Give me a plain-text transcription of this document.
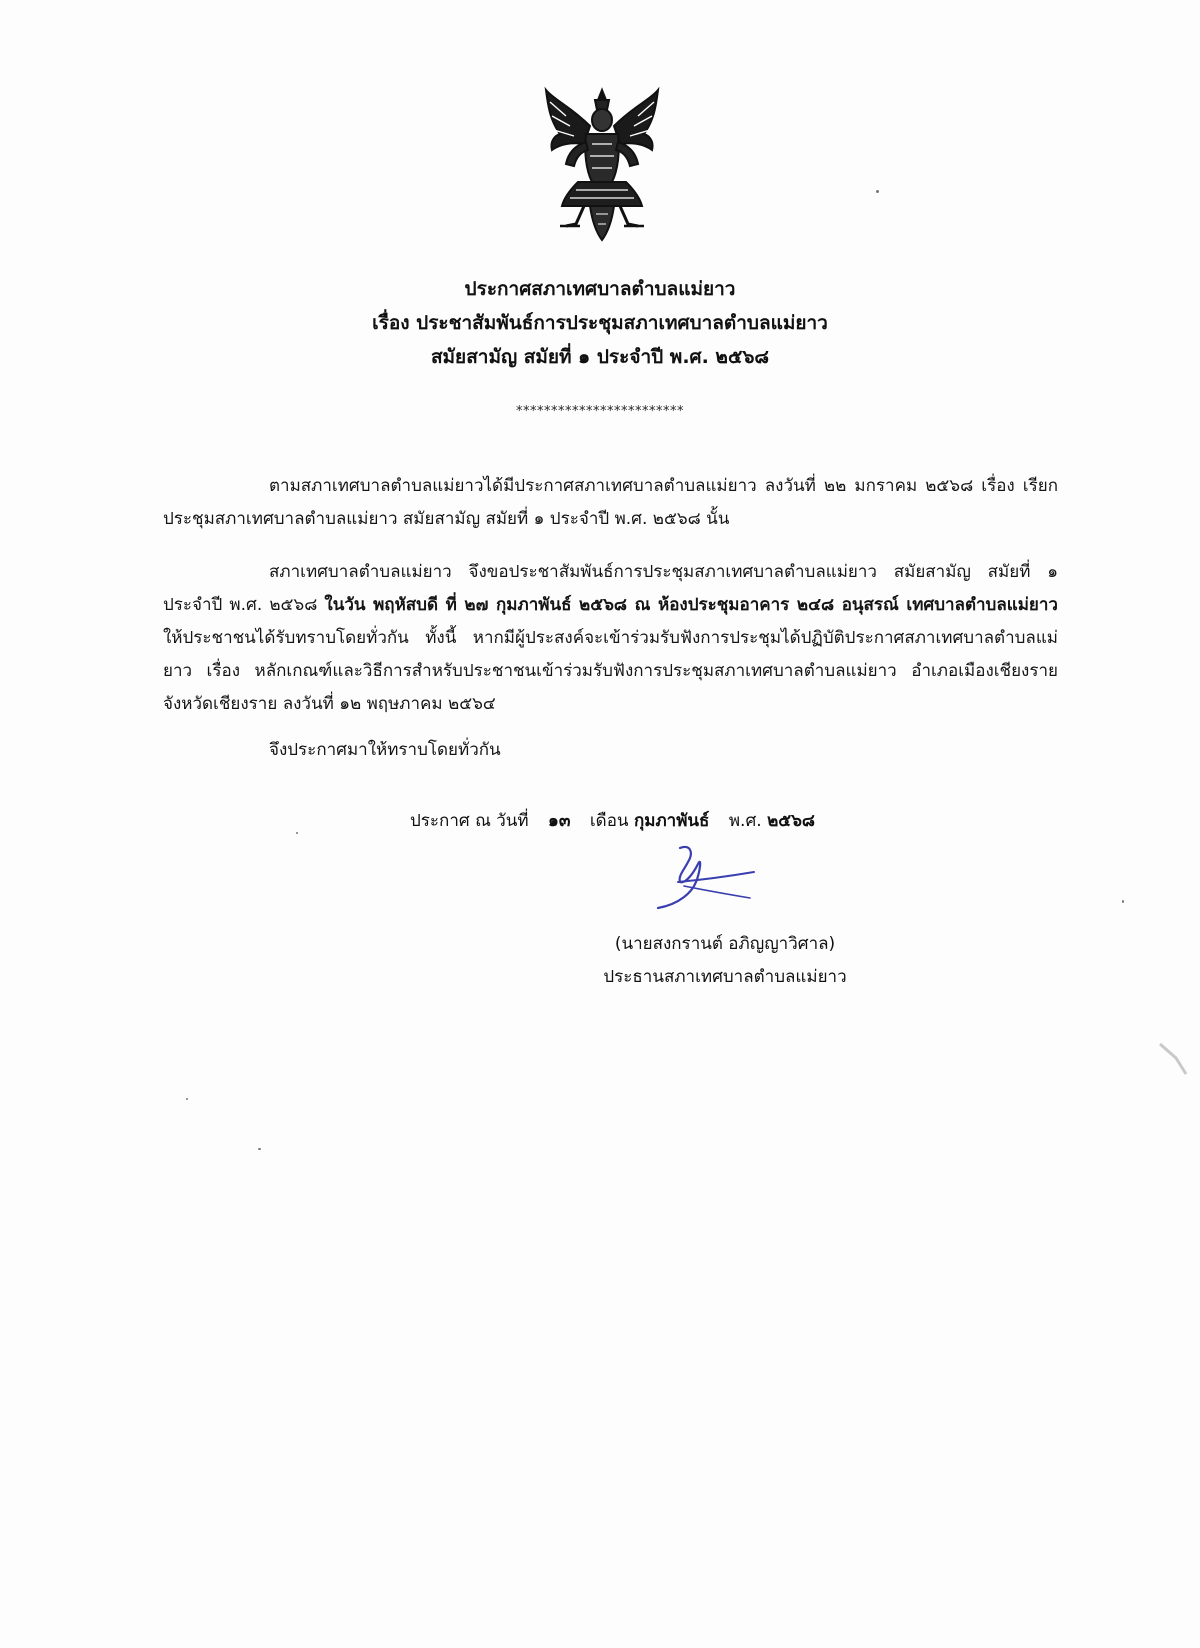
ประกาศสภาเทศบาลตำบลแม่ยาว
เรื่อง ประชาสัมพันธ์การประชุมสภาเทศบาลตำบลแม่ยาว
สมัยสามัญ สมัยที่ ๑ ประจำปี พ.ศ. ๒๕๖๘
************************

ตามสภาเทศบาลตำบลแม่ยาวได้มีประกาศสภาเทศบาลตำบลแม่ยาว ลงวันที่ ๒๒ มกราคม ๒๕๖๘ เรื่อง เรียกประชุมสภาเทศบาลตำบลแม่ยาว สมัยสามัญ สมัยที่ ๑ ประจำปี พ.ศ. ๒๕๖๘ นั้น

สภาเทศบาลตำบลแม่ยาว จึงขอประชาสัมพันธ์การประชุมสภาเทศบาลตำบลแม่ยาว สมัยสามัญ สมัยที่ ๑ ประจำปี พ.ศ. ๒๕๖๘ ในวัน พฤหัสบดี ที่ ๒๗ กุมภาพันธ์ ๒๕๖๘ ณ ห้องประชุมอาคาร ๒๔๘ อนุสรณ์ เทศบาลตำบลแม่ยาว ให้ประชาชนได้รับทราบโดยทั่วกัน ทั้งนี้ หากมีผู้ประสงค์จะเข้าร่วมรับฟังการประชุมได้ปฏิบัติประกาศสภาเทศบาลตำบลแม่ยาว เรื่อง หลักเกณฑ์และวิธีการสำหรับประชาชนเข้าร่วมรับฟังการประชุมสภาเทศบาลตำบลแม่ยาว อำเภอเมืองเชียงราย จังหวัดเชียงราย ลงวันที่ ๑๒ พฤษภาคม ๒๕๖๔

จึงประกาศมาให้ทราบโดยทั่วกัน

ประกาศ ณ วันที่ ๑๓ เดือน กุมภาพันธ์ พ.ศ. ๒๕๖๘
(นายสงกรานต์ อภิญญาวิศาล)
ประธานสภาเทศบาลตำบลแม่ยาว
